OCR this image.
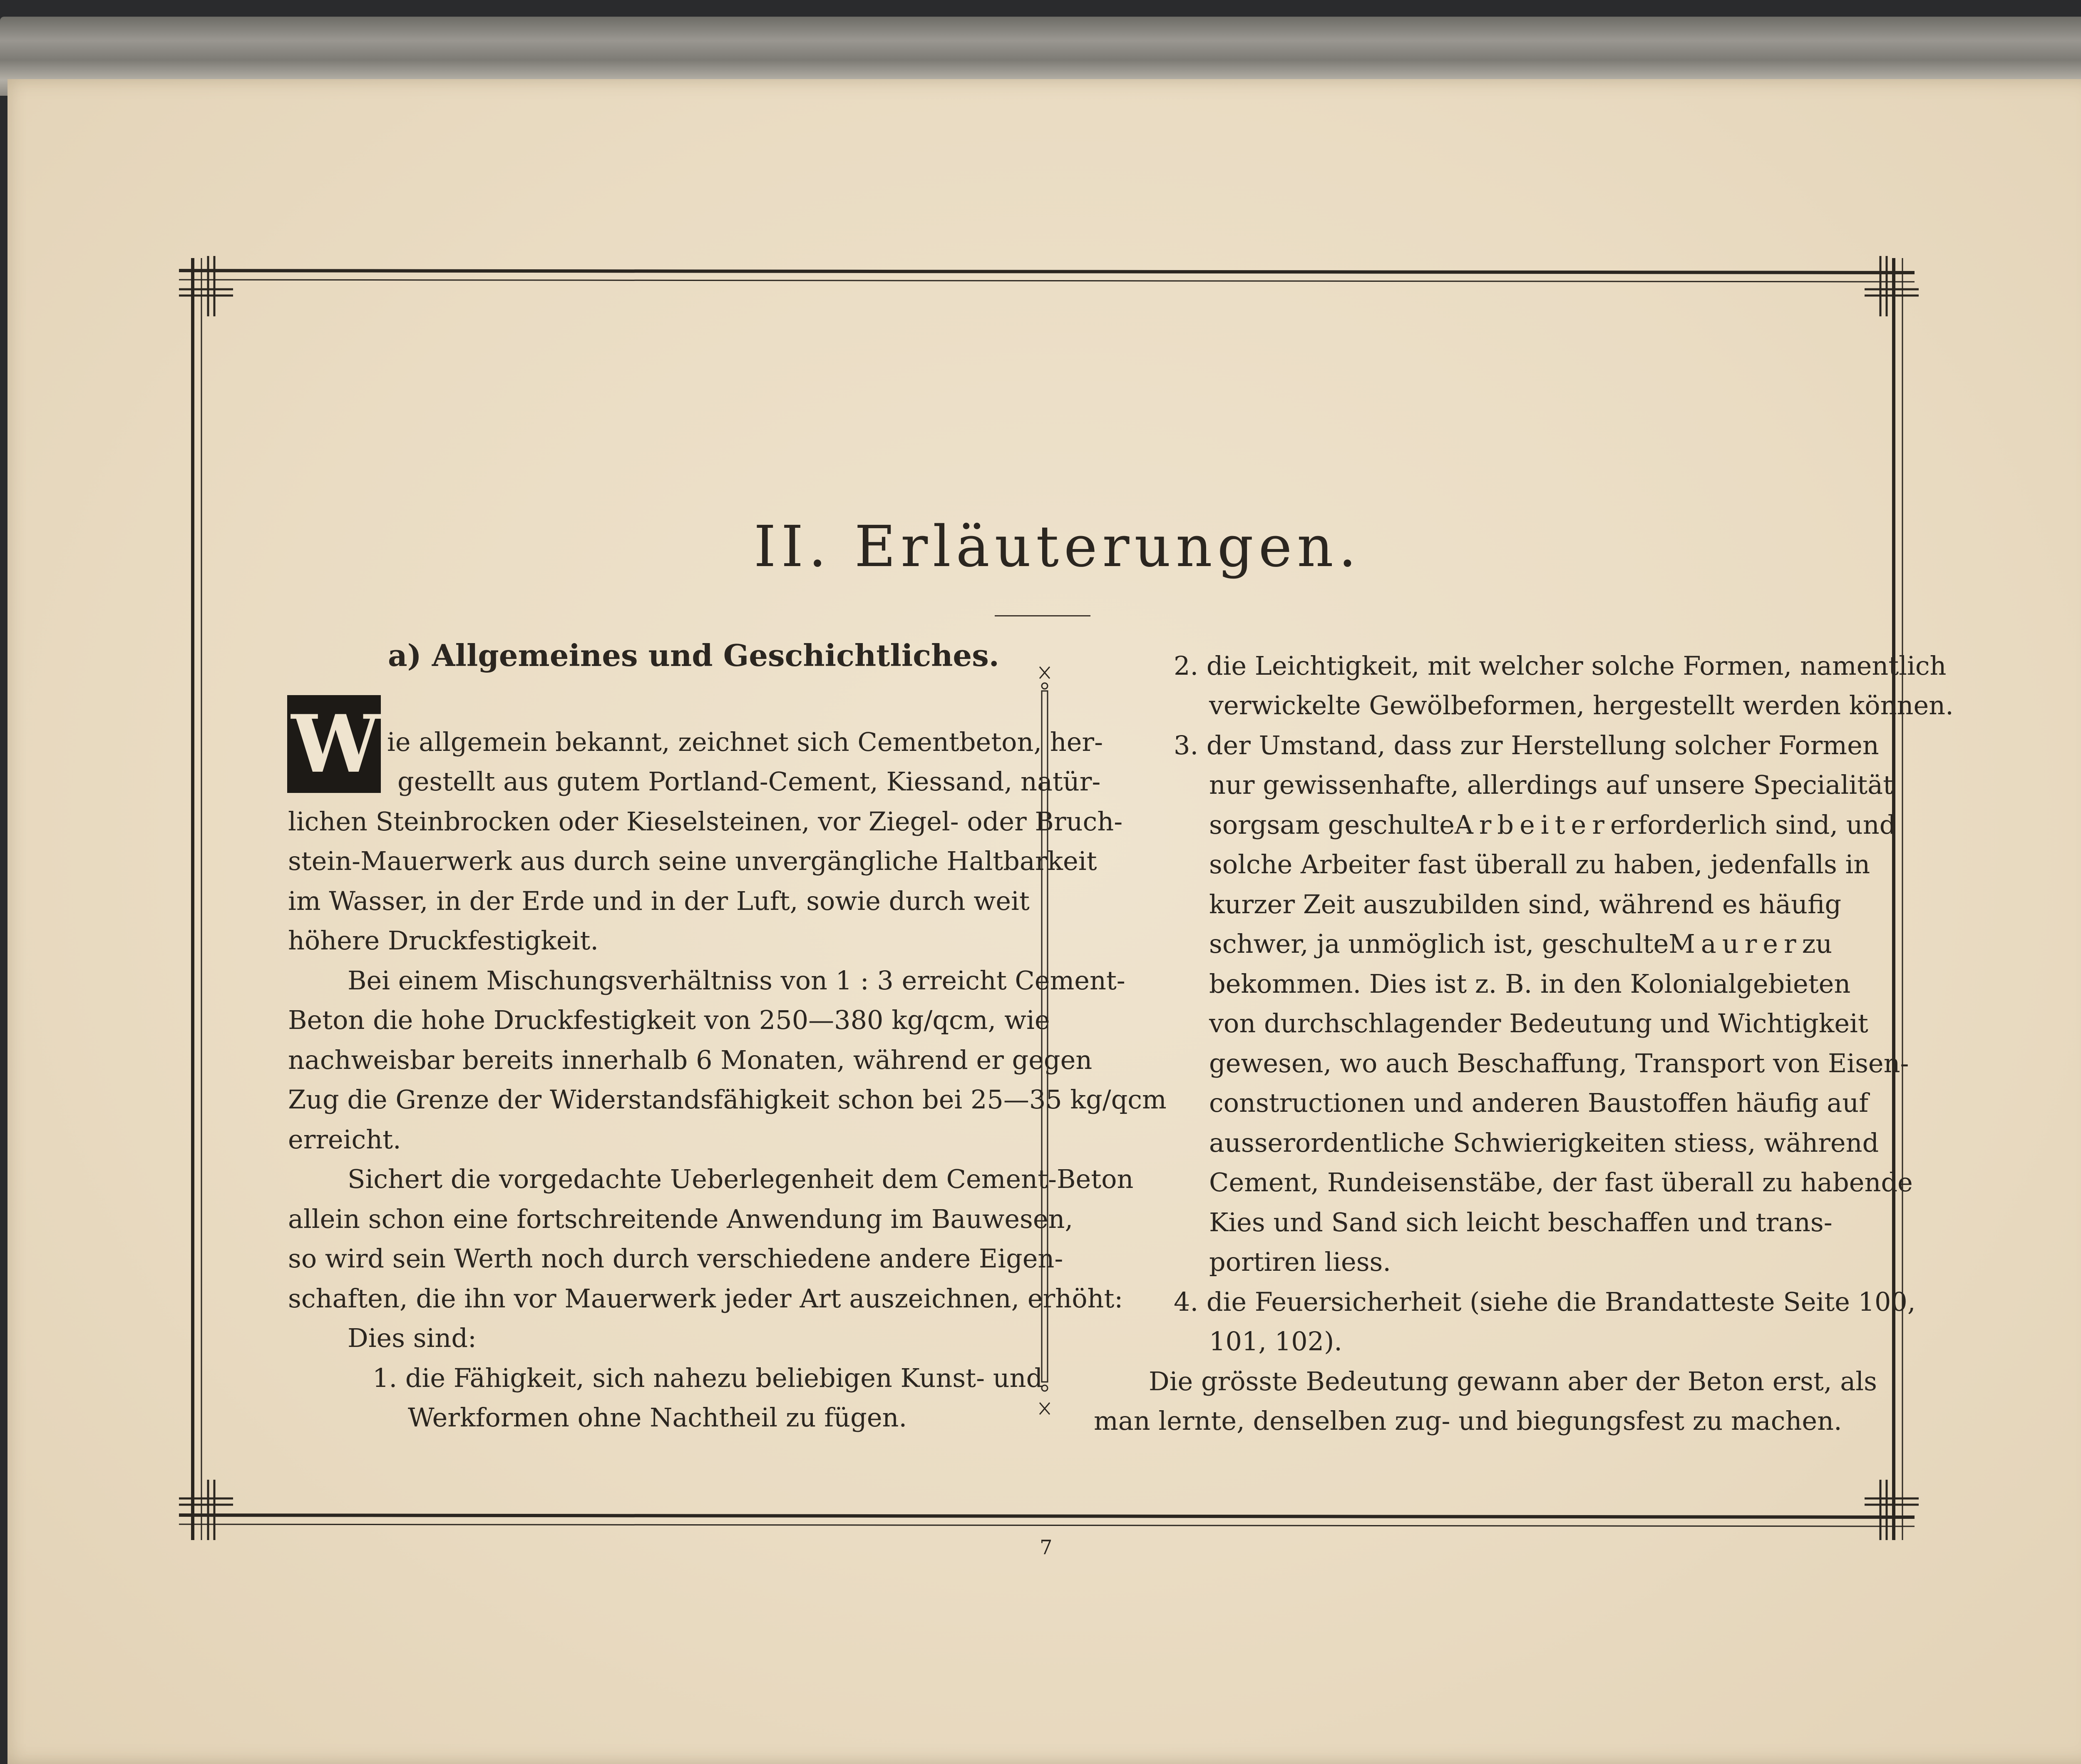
II. Erläuterungen.
a) Allgemeines und Geschichtliches.
W ie allgemein bekannt, zeichnet sich Cementbeton, her-
gestellt aus gutem Portland-Cement, Kiessand, natür-
lichen Steinbrocken oder Kieselsteinen, vor Ziegel- oder Bruch-
stein-Mauerwerk aus durch seine unvergängliche Haltbarkeit
im Wasser, in der Erde und in der Luft, sowie durch weit
höhere Druckfestigkeit.
Bei einem Mischungsverhältniss von 1 : 3 erreicht Cement-
Beton die hohe Druckfestigkeit von 250—380 kg/qcm, wie
nachweisbar bereits innerhalb 6 Monaten, während er gegen
Zug die Grenze der Widerstandsfähigkeit schon bei 25—35 kg/qcm
erreicht.
Sichert die vorgedachte Ueberlegenheit dem Cement-Beton
allein schon eine fortschreitende Anwendung im Bauwesen,
so wird sein Werth noch durch verschiedene andere Eigen-
schaften, die ihn vor Mauerwerk jeder Art auszeichnen, erhöht:
Dies sind:
1. die Fähigkeit, sich nahezu beliebigen Kunst- und
Werkformen ohne Nachtheil zu fügen.
2. die Leichtigkeit, mit welcher solche Formen, namentlich
verwickelte Gewölbeformen, hergestellt werden können.
3. der Umstand, dass zur Herstellung solcher Formen
nur gewissenhafte, allerdings auf unsere Specialität
sorgsam geschulte Arbeiter erforderlich sind, und
solche Arbeiter fast überall zu haben, jedenfalls in
kurzer Zeit auszubilden sind, während es häufig
schwer, ja unmöglich ist, geschulte Maurer zu
bekommen. Dies ist z. B. in den Kolonialgebieten
von durchschlagender Bedeutung und Wichtigkeit
gewesen, wo auch Beschaffung, Transport von Eisen-
constructionen und anderen Baustoffen häufig auf
ausserordentliche Schwierigkeiten stiess, während
Cement, Rundeisenstäbe, der fast überall zu habende
Kies und Sand sich leicht beschaffen und trans-
portiren liess.
4. die Feuersicherheit (siehe die Brandatteste Seite 100,
101, 102).
Die grösste Bedeutung gewann aber der Beton erst, als
man lernte, denselben zug- und biegungsfest zu machen.
7
